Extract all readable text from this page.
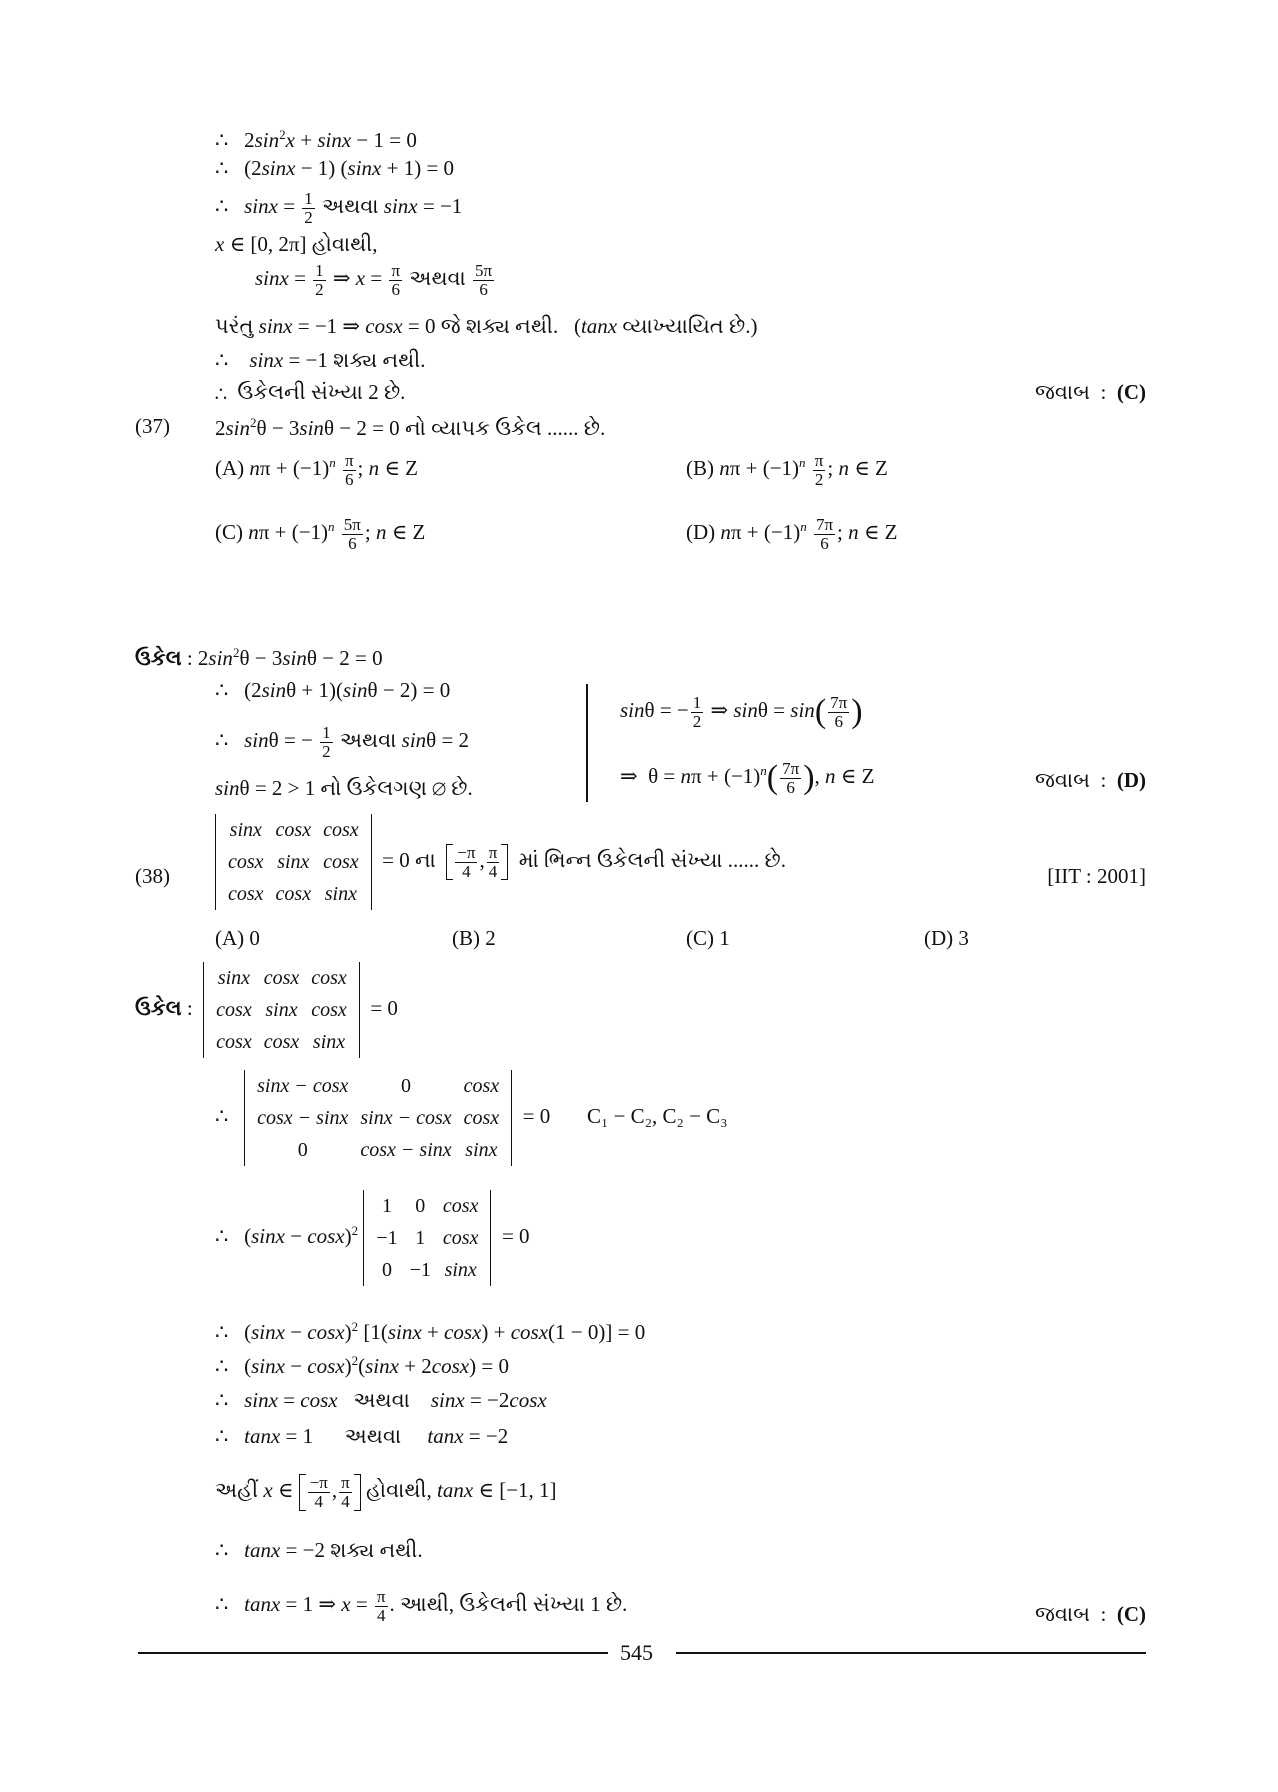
∴   $2\sin^2x + \sin x - 1 = 0$
∴   (2sinx − 1) (sinx + 1) = 0
∴   $\sin x = \frac{1}{2}$ અથવા sinx = −1
x ∈ [0, 2π] હોવાથી,
$\sin x = \frac{1}{2}$ ⇒ $x = \frac{\pi}{6}$ અથવા $\frac{5\pi}{6}$
પરંતુ sinx = −1 ⇒ cosx = 0 જે શક્ય નથી.   (tanx વ્યાખ્યાયિત છે.)
∴    sinx = −1 શક્ય નથી.
∴  ઉકેલની સંખ્યા 2 છે.	જવાબ  :  (C)
(37) $2\sin^2\theta - 3\sin\theta - 2 = 0$ નો વ્યાપક ઉકેલ ...... છે.
(A) $n\pi + (-1)^n \frac{\pi}{6}$ ; n ∈ Z	(B) $n\pi + (-1)^n \frac{\pi}{2}$ ; n ∈ Z
(C) $n\pi + (-1)^n \frac{5\pi}{6}$ ; n ∈ Z	(D) $n\pi + (-1)^n \frac{7\pi}{6}$ ; n ∈ Z
ઉકેલ : $2\sin^2\theta - 3\sin\theta - 2 = 0$
∴   (2sinθ + 1)(sinθ − 2) = 0
∴   sinθ = − $\frac{1}{2}$ અથવા sinθ = 2
sinθ = 2 > 1 નો ઉકેલગણ ∅ છે.
sinθ = − $\frac{1}{2}$ ⇒ $\sin\theta = \sin( \frac{7\pi}{6}$ )
⇒  $\theta = n\pi + (-1)^n( \frac{7\pi}{6}$ ), n ∈ Z	જવાબ  :  (D)
(38)
sinx	cosx	cosx
cosx	sinx	cosx
cosx	cosx	sinx
= 0 ના $\frac{-\pi}{4}$ , $\frac{\pi}{4}$ માં ભિન્ન ઉકેલની સંખ્યા ...... છે.
[IIT : 2001]
(A) 0	(B) 2	(C) 1	(D) 3
ઉકેલ :
sinx	cosx	cosx
cosx	sinx	cosx
cosx	cosx	sinx
= 0
∴
sinx − cosx	0	cosx
cosx − sinx	sinx − cosx	cosx
0	cosx − sinx	sinx
= 0       C₁ − C₂, C₂ − C₃
∴   $(\sin x - \cos x)^2$
1	0	cosx
−1	1	cosx
0	−1	sinx
= 0
∴   $(\sin x - \cos x)^2$ [1(sinx + cosx) + cosx(1 − 0)] = 0
∴   $(\sin x - \cos x)^2(\sin x + 2\cos x) = 0$
∴   sinx = cosx અથવા sinx = −2cosx
∴   tanx = 1      અથવા tanx = −2
અહીં x ∈ $\frac{-\pi}{4}$ , $\frac{\pi}{4}$ હોવાથી, tanx ∈ [−1, 1]
∴   tanx = −2 શક્ય નથી.
∴   tanx = 1 ⇒ $x = \frac{\pi}{4}$ . આથી, ઉકેલની સંખ્યા 1 છે.	જવાબ  :  (C)
545
